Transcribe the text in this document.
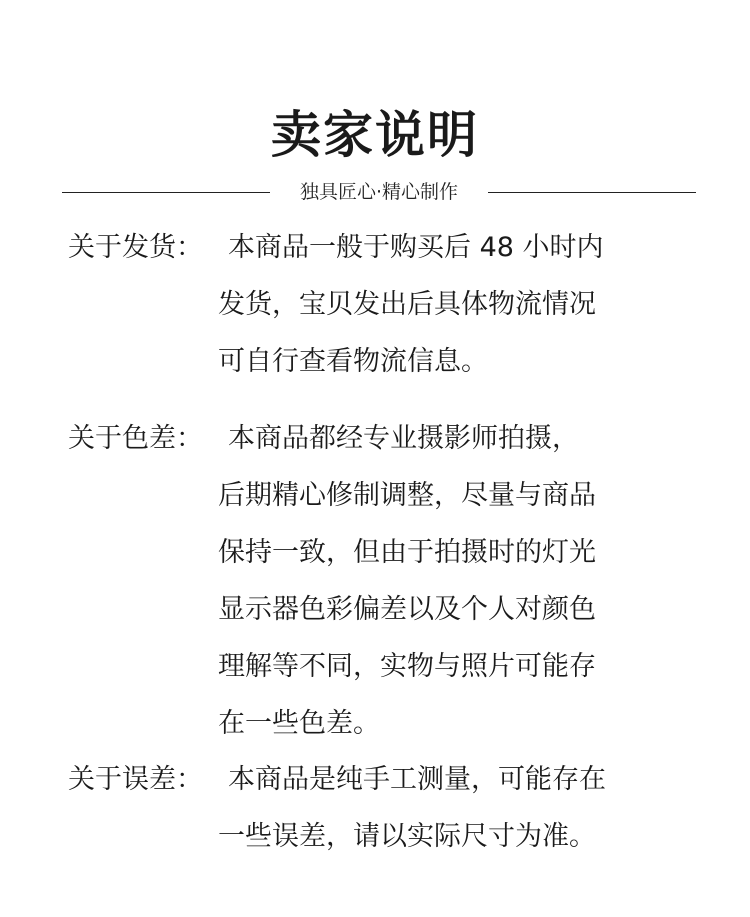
卖家说明
独具匠心·精心制作
关于发货： 本商品一般于购买后 48 小时内
发货，宝贝发出后具体物流情况
可自行查看物流信息。
关于色差： 本商品都经专业摄影师拍摄，
后期精心修制调整，尽量与商品
保持一致，但由于拍摄时的灯光
显示器色彩偏差以及个人对颜色
理解等不同，实物与照片可能存
在一些色差。
关于误差： 本商品是纯手工测量，可能存在
一些误差，请以实际尺寸为准。
